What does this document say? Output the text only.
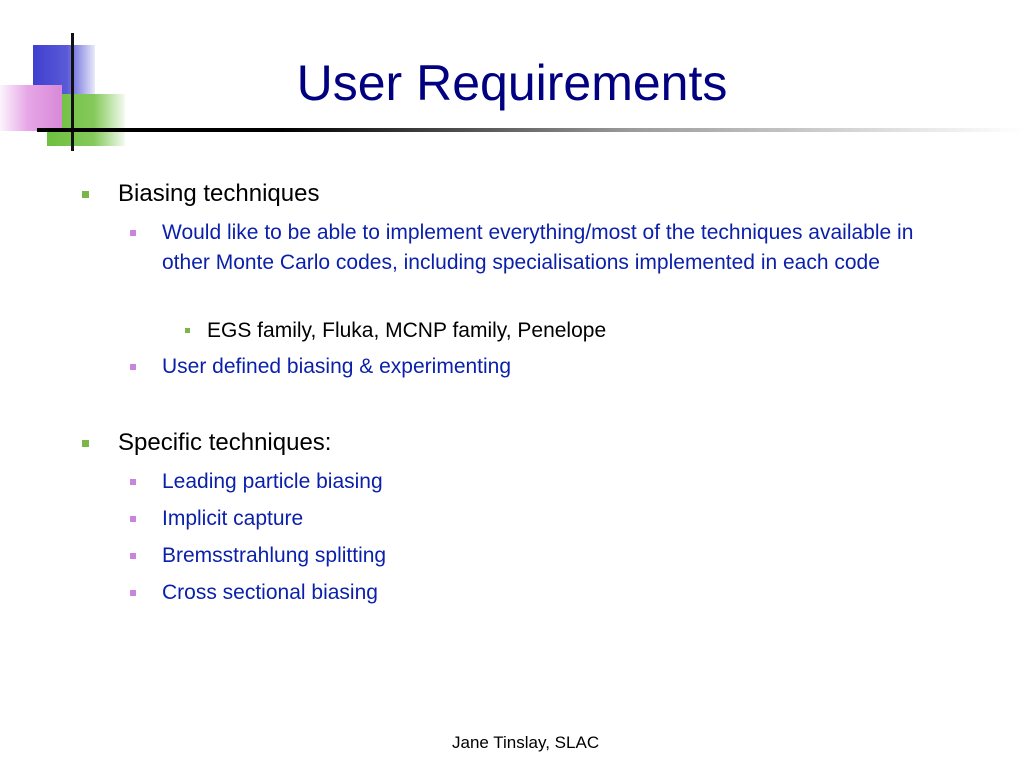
User Requirements
Biasing techniques
Would like to be able to implement everything/most of the techniques available in other Monte Carlo codes, including specialisations implemented in each code
EGS family, Fluka, MCNP family, Penelope
User defined biasing & experimenting
Specific techniques:
Leading particle biasing
Implicit capture
Bremsstrahlung splitting
Cross sectional biasing
Jane Tinslay, SLAC
